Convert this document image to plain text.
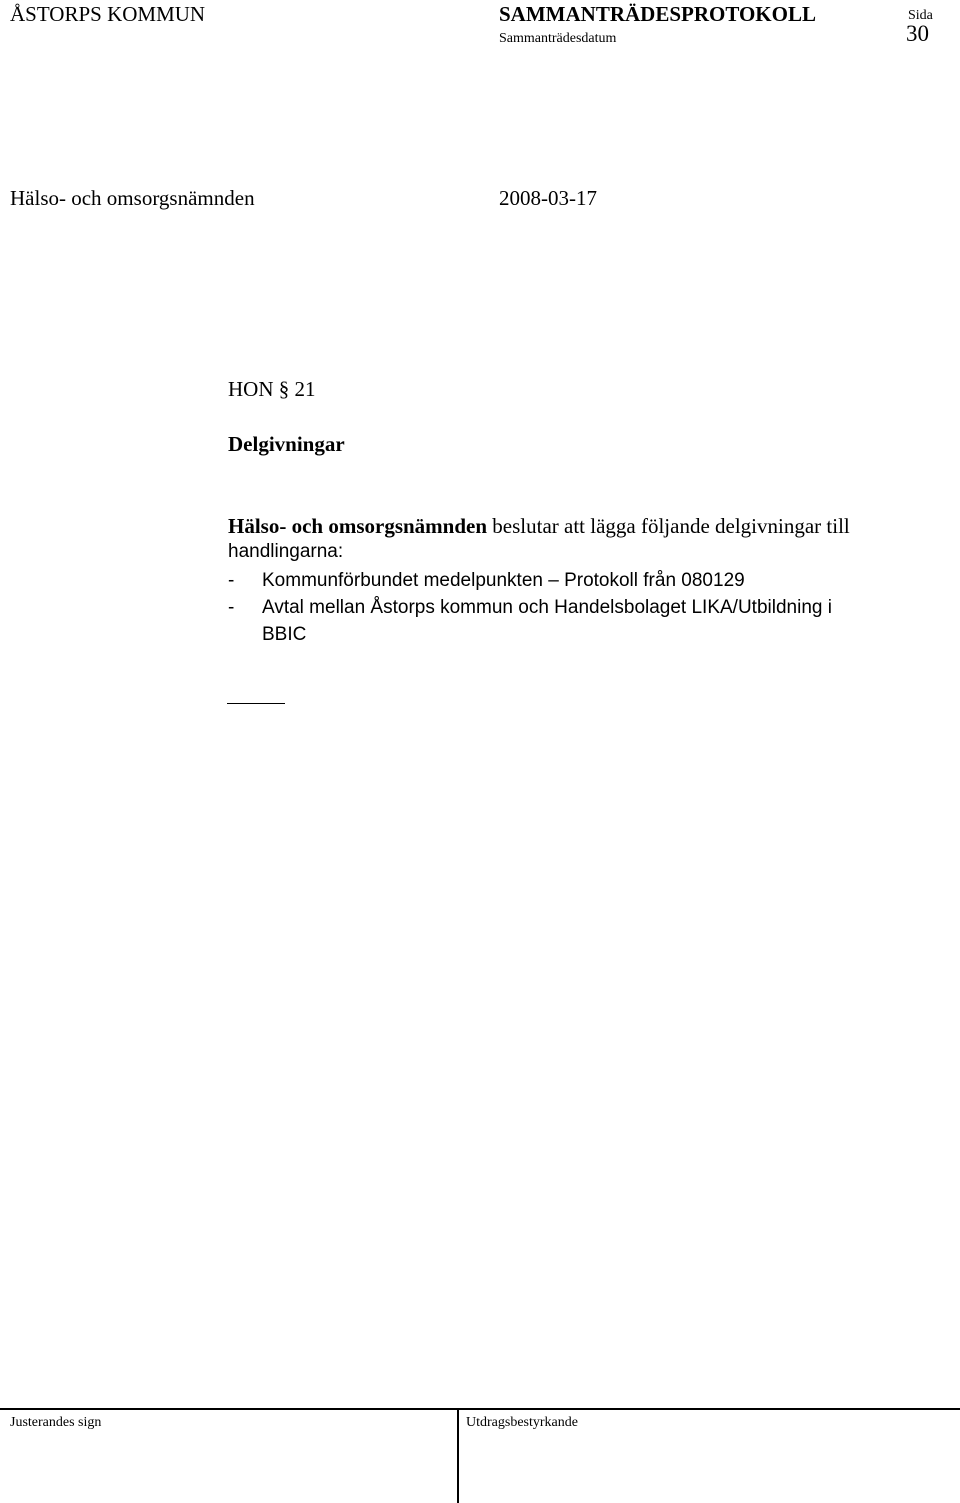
ÅSTORPS KOMMUN	SAMMANTRÄDESPROTOKOLL	Sida
30
Sammanträdesdatum
Hälso- och omsorgsnämnden	2008-03-17
HON § 21
Delgivningar
Hälso- och omsorgsnämnden beslutar att lägga följande delgivningar till
handlingarna:
- Kommunförbundet medelpunkten – Protokoll från 080129
- Avtal mellan Åstorps kommun och Handelsbolaget LIKA/Utbildning i
BBIC
Justerandes sign	Utdragsbestyrkande
